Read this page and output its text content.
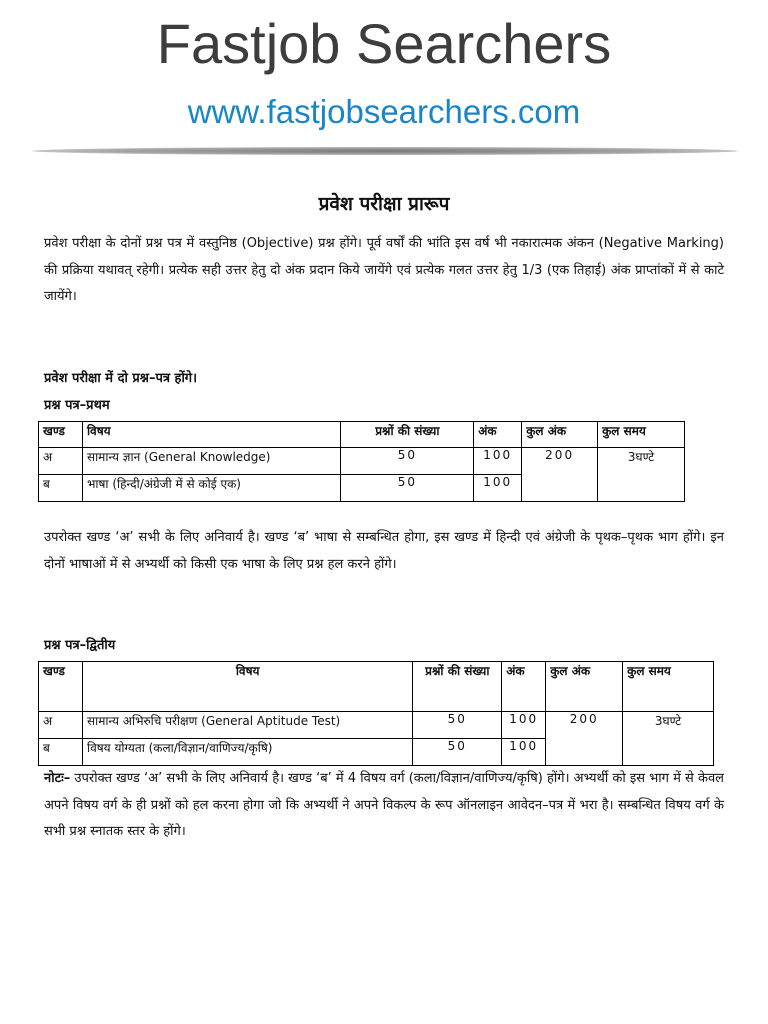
Fastjob Searchers
www.fastjobsearchers.com
प्रवेश परीक्षा प्रारूप
प्रवेश परीक्षा के दोनों प्रश्न पत्र में वस्तुनिष्ठ (Objective) प्रश्न होंगे। पूर्व वर्षों की भांति इस वर्ष भी नकारात्मक अंकन (Negative Marking) की प्रक्रिया यथावत् रहेगी। प्रत्येक सही उत्तर हेतु दो अंक प्रदान किये जायेंगे एवं प्रत्येक गलत उत्तर हेतु 1/3 (एक तिहाई) अंक प्राप्तांकों में से काटे जायेंगे।
प्रवेश परीक्षा में दो प्रश्न–पत्र होंगे।
प्रश्न पत्र–प्रथम
खण्ड	विषय	प्रश्नों की संख्या	अंक	कुल अंक	कुल समय
अ	सामान्य ज्ञान (General Knowledge)	50	100	200	3घण्टे
ब	भाषा (हिन्दी/अंग्रेजी में से कोई एक)	50	100		
उपरोक्त खण्ड ‘अ’ सभी के लिए अनिवार्य है। खण्ड ‘ब’ भाषा से सम्बन्धित होगा, इस खण्ड में हिन्दी एवं अंग्रेजी के पृथक–पृथक भाग होंगे। इन दोनों भाषाओं में से अभ्यर्थी को किसी एक भाषा के लिए प्रश्न हल करने होंगे।
प्रश्न पत्र–द्वितीय
खण्ड	विषय	प्रश्नों की संख्या	अंक	कुल अंक	कुल समय
अ	सामान्य अभिरुचि परीक्षण (General Aptitude Test)	50	100	200	3घण्टे
ब	विषय योग्यता (कला/विज्ञान/वाणिज्य/कृषि)	50	100		
नोटः– उपरोक्त खण्ड ‘अ’ सभी के लिए अनिवार्य है। खण्ड ‘ब’ में 4 विषय वर्ग (कला/विज्ञान/वाणिज्य/कृषि) होंगे। अभ्यर्थी को इस भाग में से केवल अपने विषय वर्ग के ही प्रश्नों को हल करना होगा जो कि अभ्यर्थी ने अपने विकल्प के रूप ऑनलाइन आवेदन–पत्र में भरा है। सम्बन्धित विषय वर्ग के सभी प्रश्न स्नातक स्तर के होंगे।
